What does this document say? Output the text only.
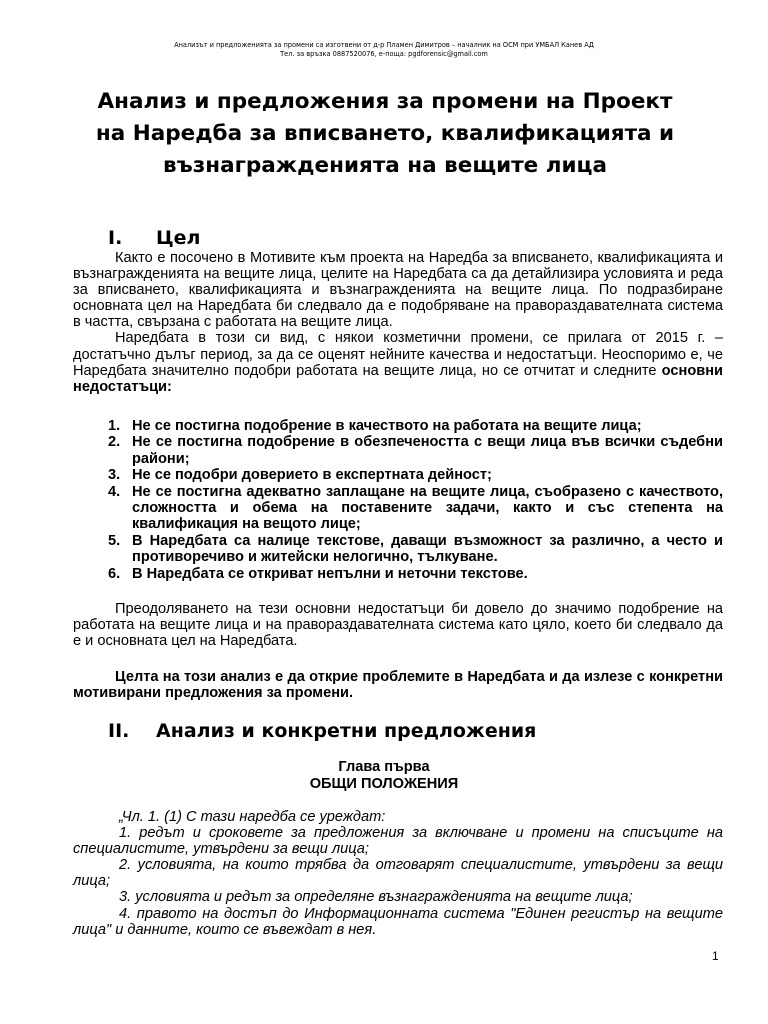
Анализът и предложенията за промени са изготвени от д-р Пламен Димитров – началник на ОСМ при УМБАЛ Канев АД
Тел. за връзка 0887520076, е-поща: pgdforensic@gmail.com
Анализ и предложения за промени на Проект на Наредба за вписването, квалификацията и възнагражденията на вещите лица
I. Цел

Както е посочено в Мотивите към проекта на Наредба за вписването, квалификацията и възнагражденията на вещите лица, целите на Наредбата са да детайлизира условията и реда за вписването, квалификацията и възнагражденията на вещите лица. По подразбиране основната цел на Наредбата би следвало да е подобряване на правораздавателната система в частта, свързана с работата на вещите лица.

Наредбата в този си вид, с някои козметични промени, се прилага от 2015 г. – достатъчно дълъг период, за да се оценят нейните качества и недостатъци. Неоспоримо е, че Наредбата значително подобри работата на вещите лица, но се отчитат и следните основни недостатъци:

1. Не се постигна подобрение в качеството на работата на вещите лица;
2. Не се постигна подобрение в обезпечеността с вещи лица във всички съдебни райони;
3. Не се подобри доверието в експертната дейност;
4. Не се постигна адекватно заплащане на вещите лица, съобразено с качеството, сложността и обема на поставените задачи, както и със степента на квалификация на вещото лице;
5. В Наредбата са налице текстове, даващи възможност за различно, а често и противоречиво и житейски нелогично, тълкуване.
6. В Наредбата се откриват непълни и неточни текстове.
Преодоляването на тези основни недостатъци би довело до значимо подобрение на работата на вещите лица и на правораздавателната система като цяло, което би следвало да е и основната цел на Наредбата.
Целта на този анализ е да открие проблемите в Наредбата и да излезе с конкретни мотивирани предложения за промени.
II. Анализ и конкретни предложения
Глава първа
ОБЩИ ПОЛОЖЕНИЯ

„Чл. 1. (1) С тази наредба се уреждат:

1. редът и сроковете за предложения за включване и промени на списъците на специалистите, утвърдени за вещи лица;

2. условията, на които трябва да отговарят специалистите, утвърдени за вещи лица;

3. условията и редът за определяне възнагражденията на вещите лица;

4. правото на достъп до Информационната система "Единен регистър на вещите лица" и данните, които се въвеждат в нея.

1
